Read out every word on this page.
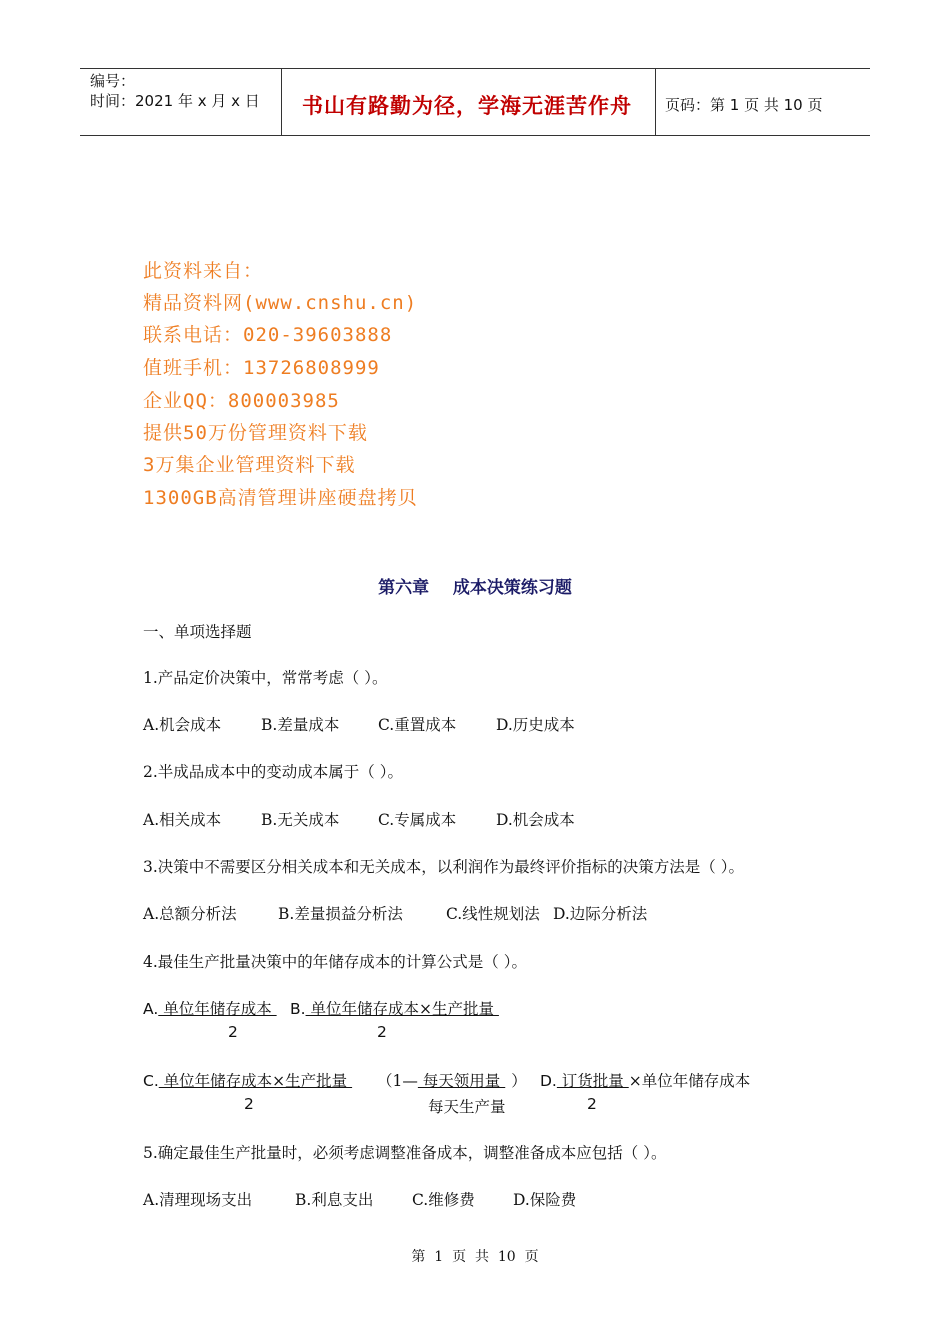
编号：
时间：2021 年 x 月 x 日 书山有路勤为径，学海无涯苦作舟 页码：第 1 页 共 10 页
此资料来自：
精品资料网(www.cnshu.cn)
联系电话：020-39603888
值班手机：13726808999
企业QQ：800003985
提供50万份管理资料下载
3万集企业管理资料下载
1300GB高清管理讲座硬盘拷贝
第六章    成本决策练习题
一、单项选择题
1.产品定价决策中，常常考虑（ ）。
A.机会成本	B.差量成本 C.重置成本	D.历史成本
2.半成品成本中的变动成本属于（ ）。
A.相关成本	B.无关成本 C.专属成本	D.机会成本
3.决策中不需要区分相关成本和无关成本，以利润作为最终评价指标的决策方法是（ ）。
A.总额分析法	B.差量损益分析法	C.线性规划法 D.边际分析法
4.最佳生产批量决策中的年储存成本的计算公式是（ ）。
A. 单位年储存成本
2
B. 单位年储存成本×生产批量
2
C. 单位年储存成本×生产批量 （1— 每天领用量 ）
2	每天生产量
D. 订货批量 ×单位年储存成本
2
5.确定最佳生产批量时，必须考虑调整准备成本，调整准备成本应包括（ ）。
A.清理现场支出	B.利息支出 C.维修费 D.保险费
第  1  页  共  10  页
